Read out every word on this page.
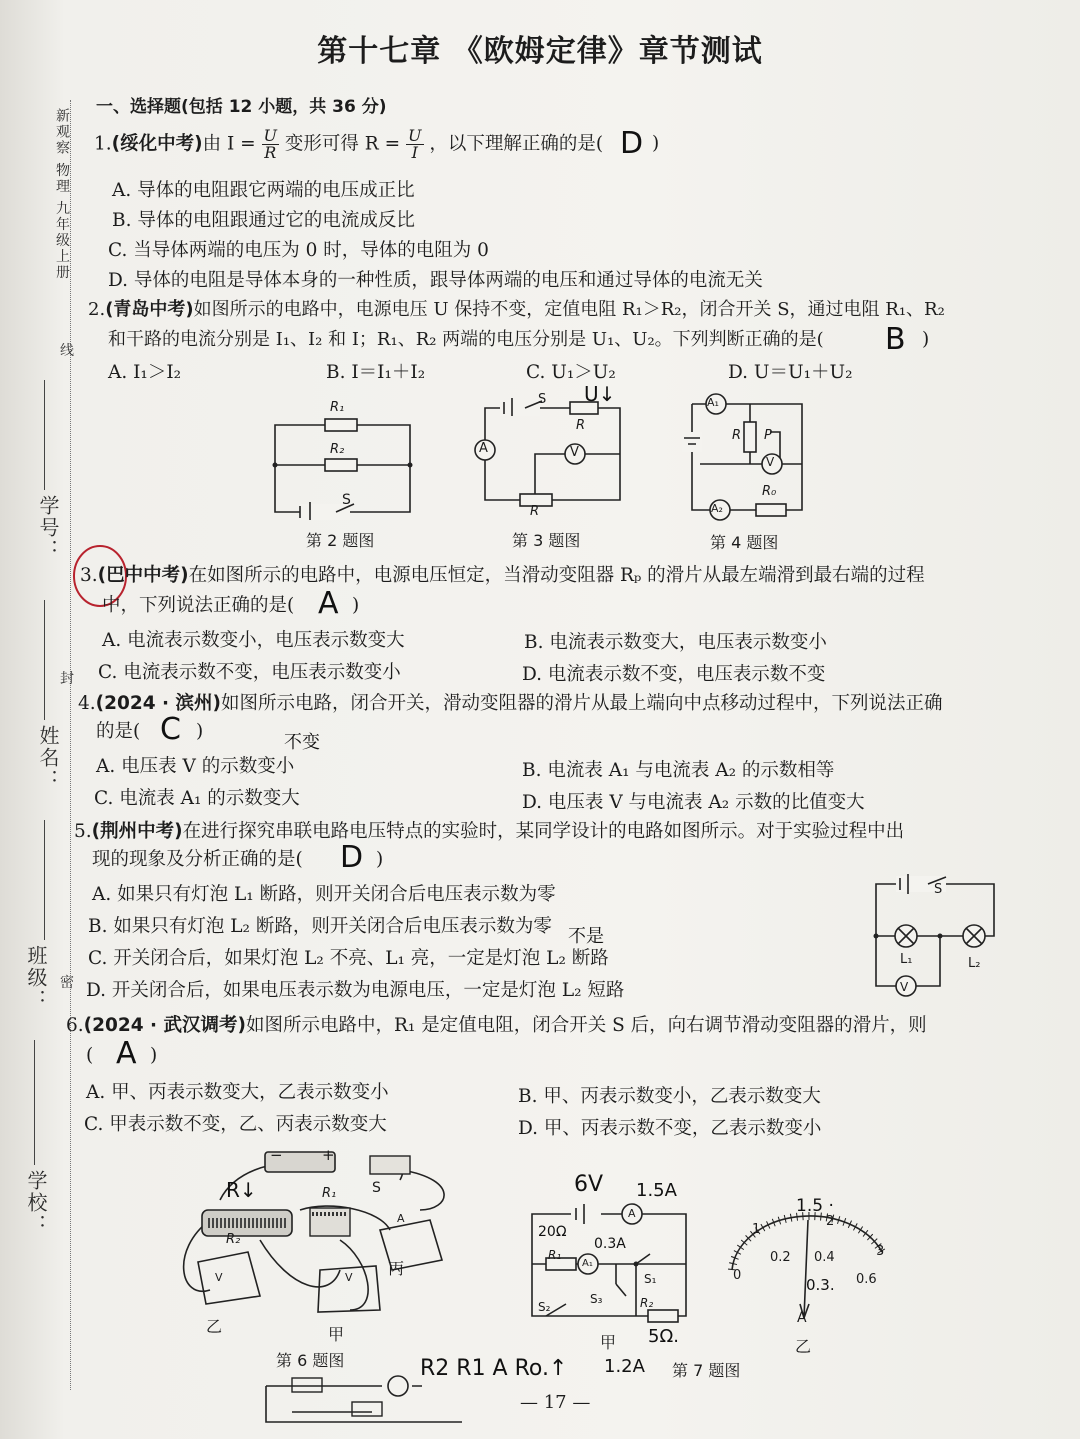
新观察 物理 九年级上册
线
封
密
学号：
姓名：
班级：
学校：
第十七章 《欧姆定律》章节测试
一、选择题(包括 12 小题，共 36 分)
1.(绥化中考)由 $I = \frac{U}{R}$ 变形可得 $R = \frac{U}{I}$ ，以下理解正确的是( D )
A. 导体的电阻跟它两端的电压成正比
B. 导体的电阻跟通过它的电流成反比
C. 当导体两端的电压为 0 时，导体的电阻为 0
D. 导体的电阻是导体本身的一种性质，跟导体两端的电压和通过导体的电流无关
2.(青岛中考)如图所示的电路中，电源电压 U 保持不变，定值电阻 R₁＞R₂，闭合开关 S，通过电阻 R₁、R₂
和干路的电流分别是 I₁、I₂ 和 I；R₁、R₂ 两端的电压分别是 U₁、U₂。下列判断正确的是( B )
A. I₁＞I₂	B. I＝I₁＋I₂	C. U₁＞U₂	D. U＝U₁＋U₂
R₁
R₂
S
第 2 题图
A	V
R
S
R
U↓
第 3 题图
A₁
V
A₂
R P
R₀
第 4 题图
3.(巴中中考)在如图所示的电路中，电源电压恒定，当滑动变阻器 Rₚ 的滑片从最左端滑到最右端的过程
中，下列说法正确的是( A )
A. 电流表示数变小，电压表示数变大	B. 电流表示数变大，电压表示数变小
C. 电流表示数不变，电压表示数变小	D. 电流表示数不变，电压表示数不变
4.(2024 · 滨州)如图所示电路，闭合开关，滑动变阻器的滑片从最上端向中点移动过程中，下列说法正确
的是( C )
不变
A. 电压表 V 的示数变小	B. 电流表 A₁ 与电流表 A₂ 的示数相等
C. 电流表 A₁ 的示数变大	D. 电压表 V 与电流表 A₂ 示数的比值变大
5.(荆州中考)在进行探究串联电路电压特点的实验时，某同学设计的电路如图所示。对于实验过程中出
现的现象及分析正确的是( D )
A. 如果只有灯泡 L₁ 断路，则开关闭合后电压表示数为零
B. 如果只有灯泡 L₂ 断路，则开关闭合后电压表示数为零
C. 开关闭合后，如果灯泡 L₂ 不亮、L₁ 亮，一定是灯泡 L₂ 断路
D. 开关闭合后，如果电压表示数为电源电压，一定是灯泡 L₂ 短路
不是
S
L₁	L₂
V
6.(2024 · 武汉调考)如图所示电路中，R₁ 是定值电阻，闭合开关 S 后，向右调节滑动变阻器的滑片，则
( A )
A. 甲、丙表示数变大，乙表示数变小	B. 甲、丙表示数变小，乙表示数变大
C. 甲表示数不变，乙、丙表示数变大	D. 甲、丙表示数不变，乙表示数变小
R↓
R₂
R₁
−	+
S
A
V	V 丙
乙	甲
第 6 题图
6V 1.5A
A
20Ω
0.3A
R₁
A₁
S₁
S₃
S₂	R₂
甲 5Ω.
1.2A 第 7 题图
0
0.2 0.4
0.6
1
2
3
1.5 ·
0.3.
A
乙
R2 R1 A Ro.↑
— 17 —
